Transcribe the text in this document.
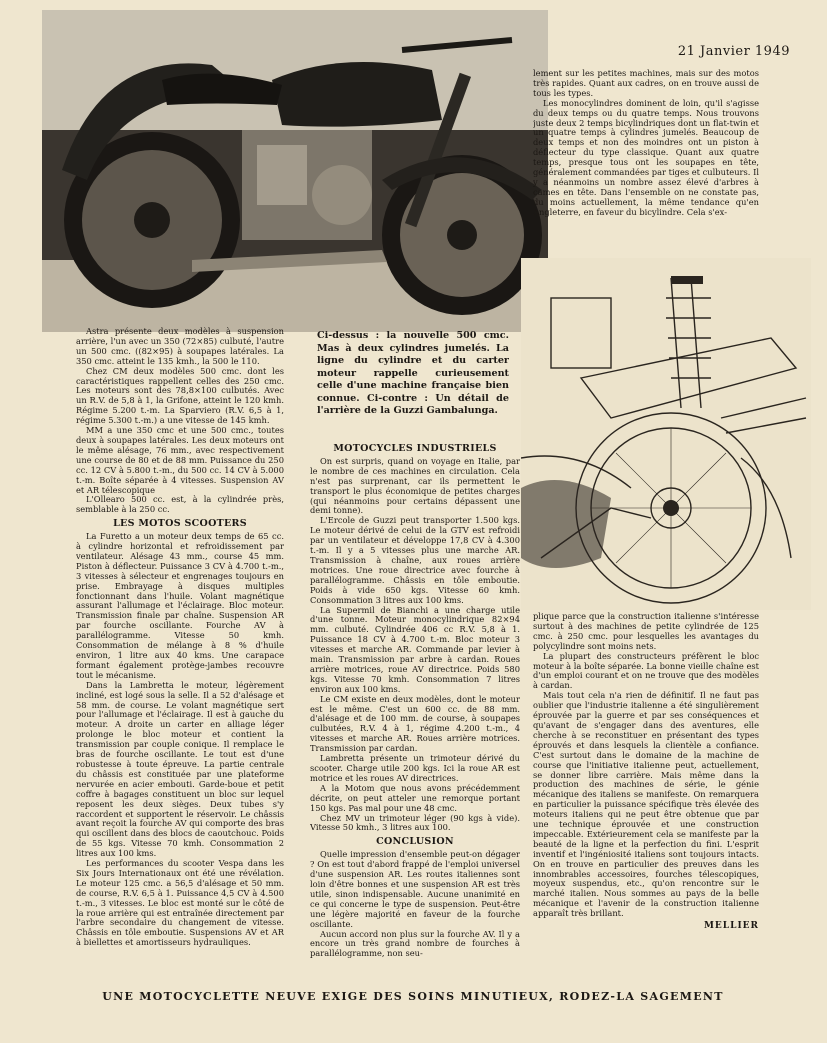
21 Janvier 1949

Astra présente deux modèles à suspension arrière, l'un avec un 350 (72×85) culbuté, l'autre un 500 cmc. ((82×95) à soupapes latérales. La 350 cmc. atteint le 135 kmh., la 500 le 110.

Chez CM deux modèles 500 cmc. dont les caractéristiques rappellent celles des 250 cmc. Les moteurs sont des 78,8×100 culbutés. Avec un R.V. de 5,8 à 1, la Grifone, atteint le 120 kmh. Régime 5.200 t.-m. La Sparviero (R.V. 6,5 à 1, régime 5.300 t.-m.) a une vitesse de 145 kmh.

MM a une 350 cmc et une 500 cmc., toutes deux à soupapes latérales. Les deux moteurs ont le même alésage, 76 mm., avec respectivement une course de 80 et de 88 mm. Puissance du 250 cc. 12 CV à 5.800 t.-m., du 500 cc. 14 CV à 5.000 t.-m. Boîte séparée à 4 vitesses. Suspension AV et AR télescopique

L'Ollearo 500 cc. est, à la cylindrée près, semblable à la 250 cc.

LES MOTOS SCOOTERS

La Furetto a un moteur deux temps de 65 cc. à cylindre horizontal et refroidissement par ventilateur. Alésage 43 mm., course 45 mm. Piston à déflecteur. Puissance 3 CV à 4.700 t.-m., 3 vitesses à sélecteur et engrenages toujours en prise. Embrayage à disques multiples fonctionnant dans l'huile. Volant magnétique assurant l'allumage et l'éclairage. Bloc moteur. Transmission finale par chaîne. Suspension AR par fourche oscillante. Fourche AV à parallélogramme. Vitesse 50 kmh. Consommation de mélange à 8 % d'huile environ, 1 litre aux 40 kms. Une carapace formant également protège-jambes recouvre tout le mécanisme.

Dans la Lambretta le moteur, légèrement incliné, est logé sous la selle. Il a 52 d'alésage et 58 mm. de course. Le volant magnétique sert pour l'allumage et l'éclairage. Il est à gauche du moteur. A droite un carter en alliage léger prolonge le bloc moteur et contient la transmission par couple conique. Il remplace le bras de fourche oscillante. Le tout est d'une robustesse à toute épreuve. La partie centrale du châssis est constituée par une plateforme nervurée en acier embouti. Garde-boue et petit coffre à bagages constituent un bloc sur lequel reposent les deux sièges. Deux tubes s'y raccordent et supportent le réservoir. Le châssis avant reçoit la fourche AV qui comporte des bras qui oscillent dans des blocs de caoutchouc. Poids de 55 kgs. Vitesse 70 kmh. Consommation 2 litres aux 100 kms.

Les performances du scooter Vespa dans les Six Jours Internationaux ont été une révélation. Le moteur 125 cmc. a 56,5 d'alésage et 50 mm. de course, R.V. 6,5 à 1. Puissance 4,5 CV à 4.500 t.-m., 3 vitesses. Le bloc est monté sur le côté de la roue arrière qui est entraînée directement par l'arbre secondaire du changement de vitesse. Châssis en tôle emboutie. Suspensions AV et AR à biellettes et amortisseurs hydrauliques.

Ci-dessus : la nouvelle 500 cmc. Mas à deux cylindres jumelés. La ligne du cylindre et du carter moteur rappelle curieusement celle d'une machine française bien connue. Ci-contre : Un détail de l'arrière de la Guzzi Gambalunga.

MOTOCYCLES INDUSTRIELS

On est surpris, quand on voyage en Italie, par le nombre de ces machines en circulation. Cela n'est pas surprenant, car ils permettent le transport le plus économique de petites charges (qui néanmoins pour certains dépassent une demi tonne).

L'Ercole de Guzzi peut transporter 1.500 kgs. Le moteur dérivé de celui de la GTV est refroidi par un ventilateur et développe 17,8 CV à 4.300 t.-m. Il y a 5 vitesses plus une marche AR. Transmission à chaîne, aux roues arrière motrices. Une roue directrice avec fourche à parallélogramme. Châssis en tôle emboutie. Poids à vide 650 kgs. Vitesse 60 kmh. Consommation 3 litres aux 100 kms.

La Supermil de Bianchi a une charge utile d'une tonne. Moteur monocylindrique 82×94 mm. culbuté. Cylindrée 406 cc R.V. 5,8 à 1. Puissance 18 CV à 4.700 t.-m. Bloc moteur 3 vitesses et marche AR. Commande par levier à main. Transmission par arbre à cardan. Roues arrière motrices, roue AV directrice. Poids 580 kgs. Vitesse 70 kmh. Consommation 7 litres environ aux 100 kms.

Le CM existe en deux modèles, dont le moteur est le même. C'est un 600 cc. de 88 mm. d'alésage et de 100 mm. de course, à soupapes culbutées, R.V. 4 à 1, régime 4.200 t.-m., 4 vitesses et marche AR. Roues arrière motrices. Transmission par cardan.

Lambretta présente un trimoteur dérivé du scooter. Charge utile 200 kgs. Ici la roue AR est motrice et les roues AV directrices.

A la Motom que nous avons précédemment décrite, on peut atteler une remorque portant 150 kgs. Pas mal pour une 48 cmc.

Chez MV un trimoteur léger (90 kgs à vide). Vitesse 50 kmh., 3 litres aux 100.

CONCLUSION

Quelle impression d'ensemble peut-on dégager ? On est tout d'abord frappé de l'emploi universel d'une suspension AR. Les routes italiennes sont loin d'être bonnes et une suspension AR est très utile, sinon indispensable. Aucune unanimité en ce qui concerne le type de suspension. Peut-être une légère majorité en faveur de la fourche oscillante.

Aucun accord non plus sur la fourche AV. Il y a encore un très grand nombre de fourches à parallélogramme, non seu-

lement sur les petites machines, mais sur des motos très rapides. Quant aux cadres, on en trouve aussi de tous les types.

Les monocylindres dominent de loin, qu'il s'agisse du deux temps ou du quatre temps. Nous trouvons juste deux 2 temps bicylindriques dont un flat-twin et un quatre temps à cylindres jumelés. Beaucoup de deux temps et non des moindres ont un piston à déflecteur du type classique. Quant aux quatre temps, presque tous ont les soupapes en tête, généralement commandées par tiges et culbuteurs. Il y a néanmoins un nombre assez élevé d'arbres à cames en tête. Dans l'ensemble on ne constate pas, du moins actuellement, la même tendance qu'en Angleterre, en faveur du bicylindre. Cela s'ex-

plique parce que la construction italienne s'intéresse surtout à des machines de petite cylindrée de 125 cmc. à 250 cmc. pour lesquelles les avantages du polycylindre sont moins nets.

La plupart des constructeurs préfèrent le bloc moteur à la boîte séparée. La bonne vieille chaîne est d'un emploi courant et on ne trouve que des modèles à cardan.

Mais tout cela n'a rien de définitif. Il ne faut pas oublier que l'industrie italienne a été singulièrement éprouvée par la guerre et par ses conséquences et qu'avant de s'engager dans des aventures, elle cherche à se reconstituer en présentant des types éprouvés et dans lesquels la clientèle a confiance. C'est surtout dans le domaine de la machine de course que l'initiative italienne peut, actuellement, se donner libre carrière. Mais même dans la production des machines de série, le génie mécanique des italiens se manifeste. On remarquera en particulier la puissance spécifique très élevée des moteurs italiens qui ne peut être obtenue que par une technique éprouvée et une construction impeccable. Extérieurement cela se manifeste par la beauté de la ligne et la perfection du fini. L'esprit inventif et l'ingéniosité italiens sont toujours intacts. On en trouve en particulier des preuves dans les innombrables accessoires, fourches télescopiques, moyeux suspendus, etc., qu'on rencontre sur le marché italien. Nous sommes au pays de la belle mécanique et l'avenir de la construction italienne apparaît très brillant.

MELLIER
UNE MOTOCYCLETTE NEUVE EXIGE DES SOINS MINUTIEUX, RODEZ-LA SAGEMENT
